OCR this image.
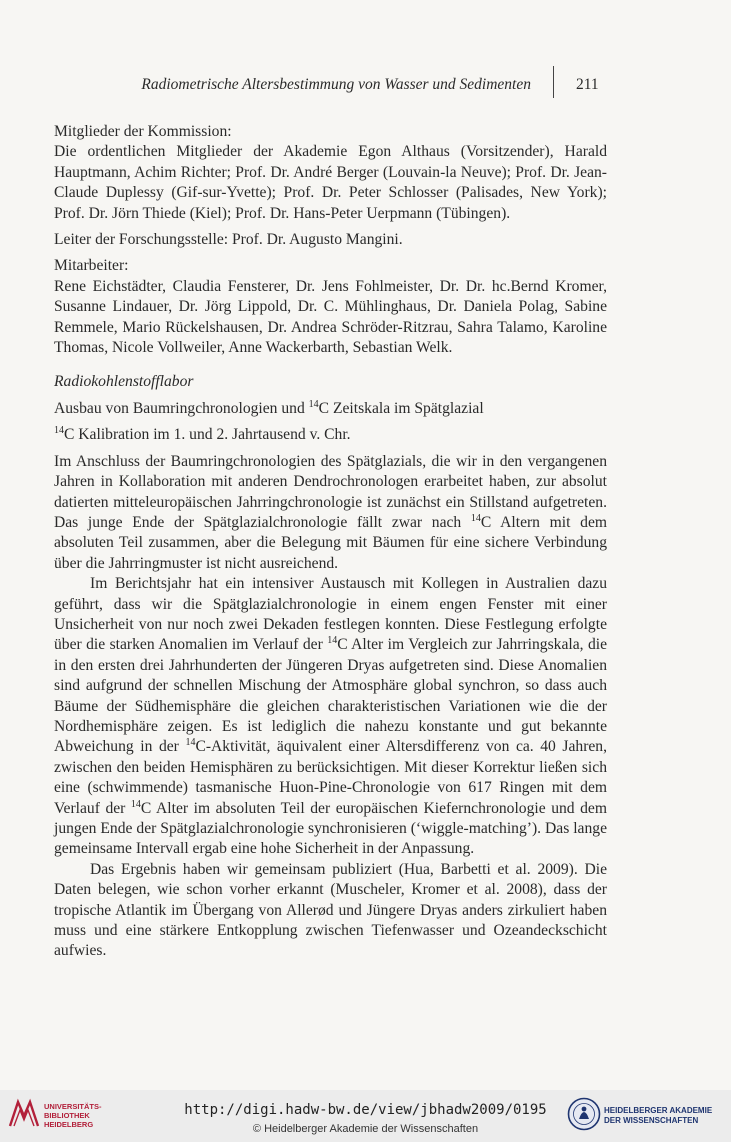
Radiometrische Altersbestimmung von Wasser und Sedimenten	211

Mitglieder der Kommission:

Die ordentlichen Mitglieder der Akademie Egon Althaus (Vorsitzender), Harald Hauptmann, Achim Richter; Prof. Dr. André Berger (Louvain-la Neuve); Prof. Dr. Jean-Claude Duplessy (Gif-sur-Yvette); Prof. Dr. Peter Schlosser (Palisades, New York); Prof. Dr. Jörn Thiede (Kiel); Prof. Dr. Hans-Peter Uerpmann (Tübingen).

Leiter der Forschungsstelle: Prof. Dr. Augusto Mangini.

Mitarbeiter:

Rene Eichstädter, Claudia Fensterer, Dr. Jens Fohlmeister, Dr. Dr. hc.Bernd Kromer, Susanne Lindauer, Dr. Jörg Lippold, Dr. C. Mühlinghaus, Dr. Daniela Polag, Sabine Remmele, Mario Rückelshausen, Dr. Andrea Schröder-Ritzrau, Sahra Talamo, Karoline Thomas, Nicole Vollweiler, Anne Wackerbarth, Sebastian Welk.

Radiokohlenstofflabor

Ausbau von Baumringchronologien und $^{14}$C Zeitskala im Spätglazial

$^{14}$C Kalibration im 1. und 2. Jahrtausend v. Chr.

Im Anschluss der Baumringchronologien des Spätglazials, die wir in den vergangenen Jahren in Kollaboration mit anderen Dendrochronologen erarbeitet haben, zur absolut datierten mitteleuropäischen Jahrringchronologie ist zunächst ein Stillstand aufgetreten. Das junge Ende der Spätglazialchronologie fällt zwar nach $^{14}$C Altern mit dem absoluten Teil zusammen, aber die Belegung mit Bäumen für eine sichere Verbindung über die Jahrringmuster ist nicht ausreichend.

Im Berichtsjahr hat ein intensiver Austausch mit Kollegen in Australien dazu geführt, dass wir die Spätglazialchronologie in einem engen Fenster mit einer Unsicherheit von nur noch zwei Dekaden festlegen konnten. Diese Festlegung erfolgte über die starken Anomalien im Verlauf der $^{14}$C Alter im Vergleich zur Jahrringskala, die in den ersten drei Jahrhunderten der Jüngeren Dryas aufgetreten sind. Diese Anomalien sind aufgrund der schnellen Mischung der Atmosphäre global synchron, so dass auch Bäume der Südhemisphäre die gleichen charakteristischen Variationen wie die der Nordhemisphäre zeigen. Es ist lediglich die nahezu konstante und gut bekannte Abweichung in der $^{14}$C-Aktivität, äquivalent einer Altersdifferenz von ca. 40 Jahren, zwischen den beiden Hemisphären zu berücksichtigen. Mit dieser Korrektur ließen sich eine (schwimmende) tasmanische Huon-Pine-Chronologie von 617 Ringen mit dem Verlauf der $^{14}$C Alter im absoluten Teil der europäischen Kiefernchronologie und dem jungen Ende der Spätglazialchronologie synchronisieren (‘wiggle-matching’). Das lange gemeinsame Intervall ergab eine hohe Sicherheit in der Anpassung.

Das Ergebnis haben wir gemeinsam publiziert (Hua, Barbetti et al. 2009). Die Daten belegen, wie schon vorher erkannt (Muscheler, Kromer et al. 2008), dass der tropische Atlantik im Übergang von Allerød und Jüngere Dryas anders zirkuliert haben muss und eine stärkere Entkopplung zwischen Tiefenwasser und Ozeandeckschicht aufwies.

UNIVERSITÄTS-
BIBLIOTHEK
HEIDELBERG
http://digi.hadw-bw.de/view/jbhadw2009/0195
© Heidelberger Akademie der Wissenschaften
HEIDELBERGER AKADEMIE
DER WISSENSCHAFTEN
